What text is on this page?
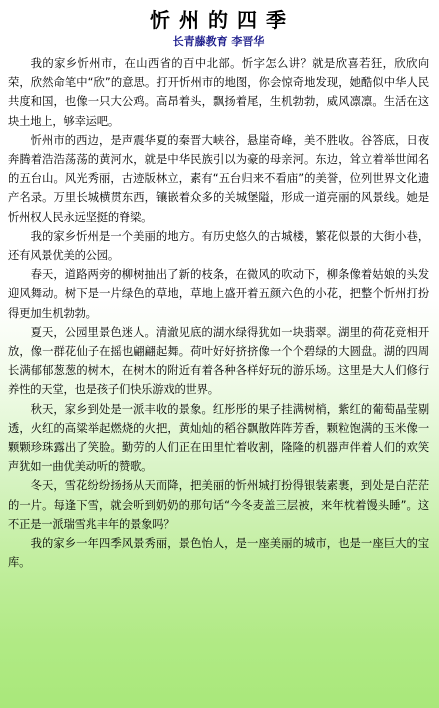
忻州的四季
长青藤教育 李晋华

我的家乡忻州市，在山西省的百中北部。忻字怎么讲？就是欣喜若狂，欣欣向荣，欣然命笔中“欣”的意思。打开忻州市的地图，你会惊奇地发现，她酷似中华人民共度和国，也像一只大公鸡。高昂着头，飘扬着尾，生机勃勃，威风凛凛。生活在这块土地上，够幸运吧。

忻州市的西边，是声震华夏的秦晋大峡谷，悬崖奇峰，美不胜收。谷答底，日夜奔腾着浩浩荡荡的黄河水，就是中华民族引以为豪的母亲河。东边，耸立着举世闻名的五台山。风光秀丽，古迹版林立，素有“五台归来不看庙”的美誉，位列世界文化遗产名录。万里长城横贯东西，镶嵌着众多的关城堡隘，形成一道亮丽的风景线。她是忻州权人民永远坚挺的脊梁。

我的家乡忻州是一个美丽的地方。有历史悠久的古城楼，繁花似景的大街小巷，还有风景优美的公园。

春天，道路两旁的柳树抽出了新的枝条，在微风的吹动下，柳条像着姑娘的头发迎风舞动。树下是一片绿色的草地，草地上盛开着五颜六色的小花，把整个忻州打扮得更加生机勃勃。

夏天，公园里景色迷人。清澈见底的湖水绿得犹如一块翡翠。湖里的荷花竞相开放，像一群花仙子在摇也翩翩起舞。荷叶好好挤挤像一个个碧绿的大圆盘。湖的四周长满郁郁葱葱的树木，在树木的附近有着各种各样好玩的游乐场。这里是大人们修行养性的天堂，也是孩子们快乐游戏的世界。

秋天，家乡到处是一派丰收的景象。红彤彤的果子挂满树梢，紫红的葡萄晶莹剔透，火红的高粱举起燃烧的火把，黄灿灿的稻谷飘散阵阵芳香，颗粒饱满的玉米像一颗颗珍珠露出了笑脸。勤劳的人们正在田里忙着收割，隆隆的机器声伴着人们的欢笑声犹如一曲优美动听的赞歌。

冬天，雪花纷纷扬扬从天而降，把美丽的忻州城打扮得银装素裹，到处是白茫茫的一片。每逢下雪，就会听到奶奶的那句话“今冬麦盖三层被，来年枕着馒头睡”。这不正是一派瑞雪兆丰年的景象吗？

我的家乡一年四季风景秀丽，景色怡人，是一座美丽的城市，也是一座巨大的宝库。
